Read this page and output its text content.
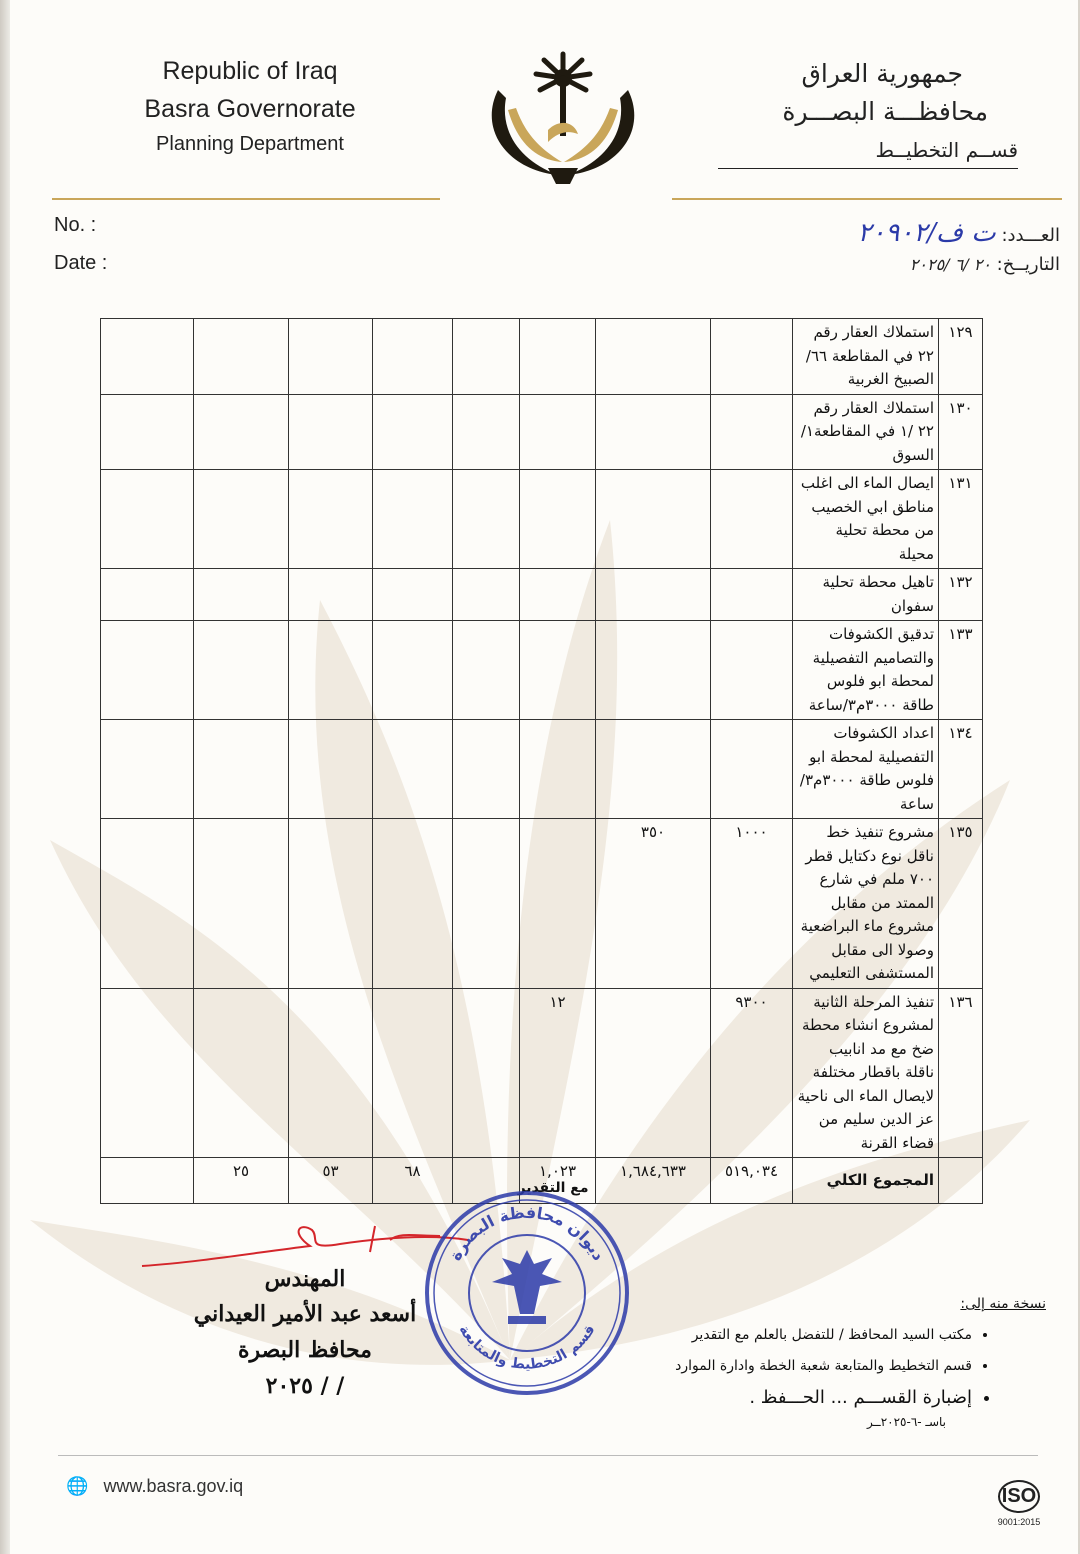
Republic of Iraq
Basra Governorate
Planning Department
جمهورية العراق
محافظـــة البصـــرة
قســم التخطيــط
No. :
Date :
العـــدد: ت ف/٢٠٩٠٢
التاريــخ: ٢٠ /٦ /٢٠٢٥
١٢٩	استملاك العقار رقم ٢٢ في المقاطعة ٦٦/الصبيخ الغربية								
١٣٠	استملاك العقار رقم ٢٢ /١ في المقاطعة١/ السوق								
١٣١	ايصال الماء الى اغلب مناطق ابي الخصيب من محطة تحلية محيلة								
١٣٢	تاهيل محطة تحلية سفوان								
١٣٣	تدقيق الكشوفات والتصاميم التفصيلية لمحطة ابو فلوس طاقة ٣٠٠٠م٣/ساعة								
١٣٤	اعداد الكشوفات التفصيلية لمحطة ابو فلوس طاقة ٣٠٠٠م٣/ساعة								
١٣٥	مشروع تنفيذ خط ناقل نوع دكتايل قطر ٧٠٠ ملم في شارع الممتد من مقابل مشروع ماء البراضعية وصولا الى مقابل المستشفى التعليمي	١٠٠٠	٣٥٠						
١٣٦	تنفيذ المرحلة الثانية لمشروع انشاء محطة ضخ مع مد انابيب ناقلة باقطار مختلفة لايصال الماء الى ناحية عز الدين سليم من قضاء القرنة	٩٣٠٠		١٢					
	المجموع الكلي	٥١٩,٠٣٤	١,٦٨٤,٦٣٣	١,٠٢٣		٦٨	٥٣	٢٥	
مع التقدير
ديوان محافظة البصرة
قسم التخطيط والمتابعة
المهندس
أسعد عبد الأمير العيداني
محافظ البصرة
/ / ٢٠٢٥
نسخة منه إلى:
• مكتب السيد المحافظ / للتفضل بالعلم مع التقدير
• قسم التخطيط والمتابعة شعبة الخطة وادارة الموارد
• إضبارة القســـم ... الحـــفظ .
باسـ -٦-٢٠٢٥ــر
🌐 www.basra.gov.iq	ISO
9001:2015
